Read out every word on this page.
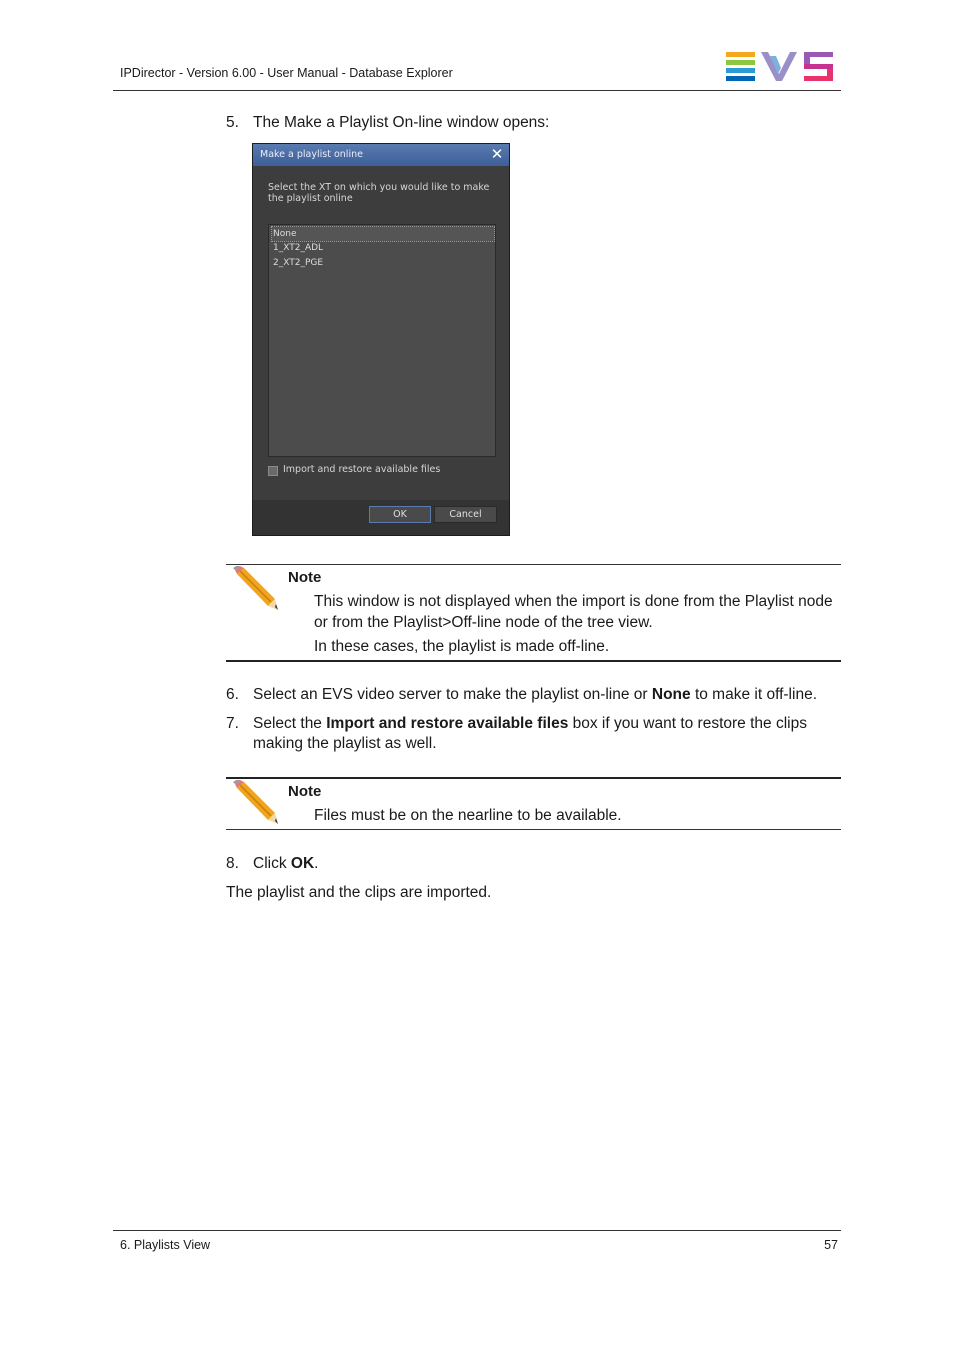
IPDirector - Version 6.00 - User Manual - Database Explorer
5. The Make a Playlist On-line window opens:
Make a playlist online	✕
Select the XT on which you would like to make the playlist online
None
1_XT2_ADL
2_XT2_PGE
Import and restore available files
OK	Cancel
Note
This window is not displayed when the import is done from the Playlist node
or from the Playlist>Off-line node of the tree view.
In these cases, the playlist is made off-line.
6. Select an EVS video server to make the playlist on-line or None to make it off-line.
7. Select the Import and restore available files box if you want to restore the clips
making the playlist as well.
Note
Files must be on the nearline to be available.
8. Click OK.
The playlist and the clips are imported.
6. Playlists View	57
